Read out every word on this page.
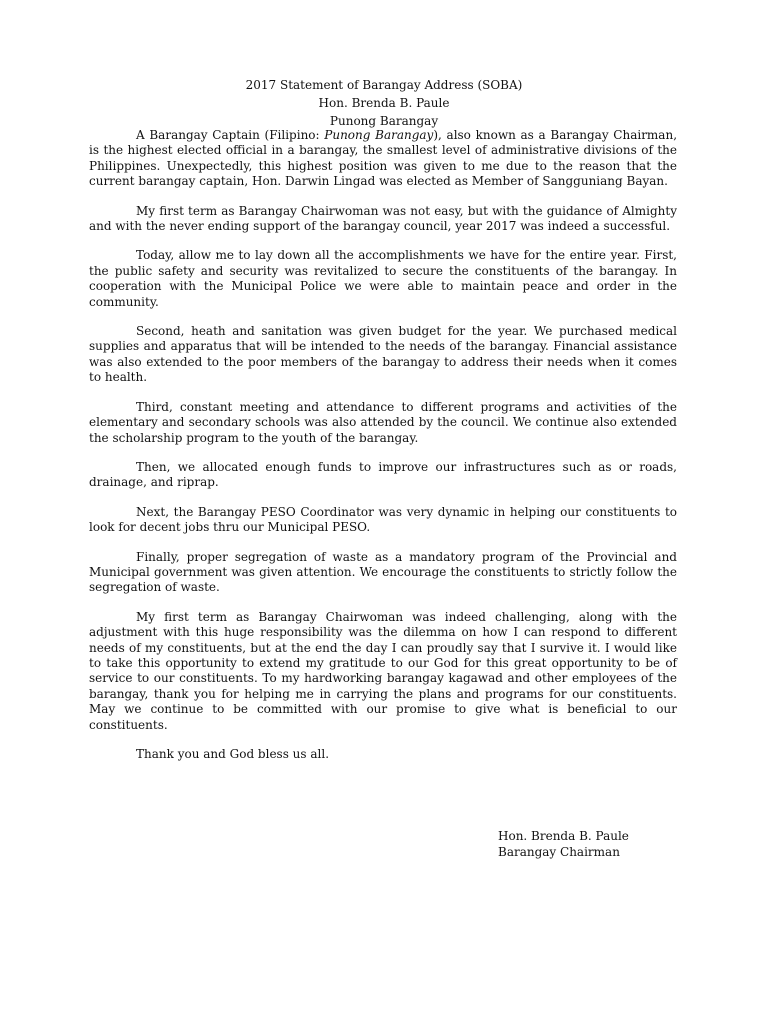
2017 Statement of Barangay Address (SOBA)
Hon. Brenda B. Paule
Punong Barangay

A Barangay Captain (Filipino: Punong Barangay), also known as a Barangay Chairman, is the highest elected official in a barangay, the smallest level of administrative divisions of the Philippines. Unexpectedly, this highest position was given to me due to the reason that the current barangay captain, Hon. Darwin Lingad was elected as Member of Sangguniang Bayan.

My first term as Barangay Chairwoman was not easy, but with the guidance of Almighty and with the never ending support of the barangay council, year 2017 was indeed a successful.

Today, allow me to lay down all the accomplishments we have for the entire year. First, the public safety and security was revitalized to secure the constituents of the barangay. In cooperation with the Municipal Police we were able to maintain peace and order in the community.

Second, heath and sanitation was given budget for the year. We purchased medical supplies and apparatus that will be intended to the needs of the barangay. Financial assistance was also extended to the poor members of the barangay to address their needs when it comes to health.

Third, constant meeting and attendance to different programs and activities of the elementary and secondary schools was also attended by the council. We continue also extended the scholarship program to the youth of the barangay.

Then, we allocated enough funds to improve our infrastructures such as or roads, drainage, and riprap.

Next, the Barangay PESO Coordinator was very dynamic in helping our constituents to look for decent jobs thru our Municipal PESO.

Finally, proper segregation of waste as a mandatory program of the Provincial and Municipal government was given attention. We encourage the constituents to strictly follow the segregation of waste.

My first term as Barangay Chairwoman was indeed challenging, along with the adjustment with this huge responsibility was the dilemma on how I can respond to different needs of my constituents, but at the end the day I can proudly say that I survive it. I would like to take this opportunity to extend my gratitude to our God for this great opportunity to be of service to our constituents. To my hardworking barangay kagawad and other employees of the barangay, thank you for helping me in carrying the plans and programs for our constituents. May we continue to be committed with our promise to give what is beneficial to our constituents.

Thank you and God bless us all.

Hon. Brenda B. Paule
Barangay Chairman
